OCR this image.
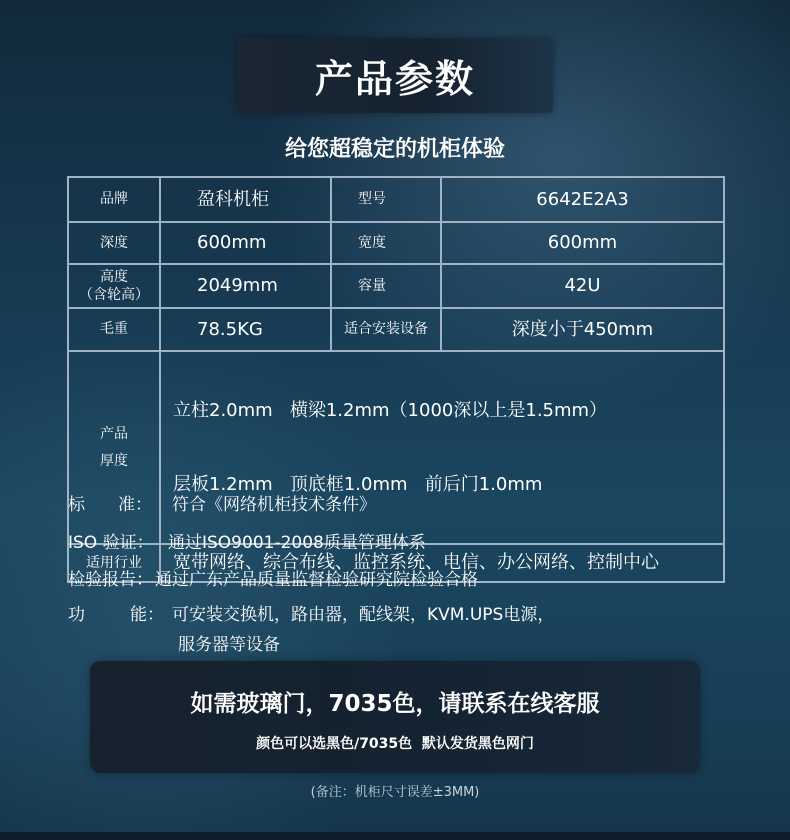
产品参数
给您超稳定的机柜体验
品牌	盈科机柜	型号	6642E2A3
深度	600mm	宽度	600mm

高度
（含轮高）	2049mm	容量	42U
毛重	78.5KG	适合安装设备	深度小于450mm

产品
厚度	立柱2.0mm   横梁1.2mm（1000深以上是1.5mm）

层板1.2mm   顶底框1.0mm   前后门1.0mm		

适用行业	宽带网络、综合布线、监控系统、电信、办公网络、控制中心		
标 准： 符合《网络机柜技术条件》
ISO 验证： 通过ISO9001-2008质量管理体系
检验报告： 通过广东产品质量监督检验研究院检验合格
功	能： 可安装交换机，路由器，配线架，KVM.UPS电源，
服务器等设备
如需玻璃门，7035色，请联系在线客服
颜色可以选黑色/7035色  默认发货黑色网门
(备注：机柜尺寸误差±3MM)
